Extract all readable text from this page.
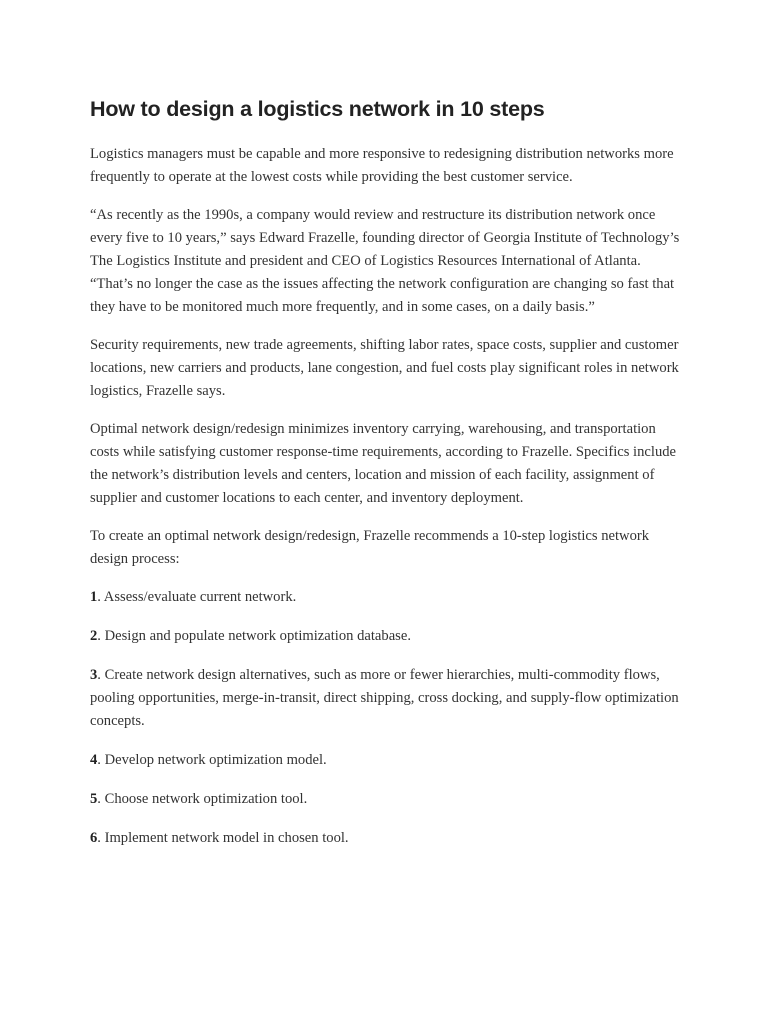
How to design a logistics network in 10 steps

Logistics managers must be capable and more responsive to redesigning distribution networks more frequently to operate at the lowest costs while providing the best customer service.

“As recently as the 1990s, a company would review and restructure its distribution network once every five to 10 years,” says Edward Frazelle, founding director of Georgia Institute of Technology’s The Logistics Institute and president and CEO of Logistics Resources International of Atlanta. “That’s no longer the case as the issues affecting the network configuration are changing so fast that they have to be monitored much more frequently, and in some cases, on a daily basis.”

Security requirements, new trade agreements, shifting labor rates, space costs, supplier and customer locations, new carriers and products, lane congestion, and fuel costs play significant roles in network logistics, Frazelle says.

Optimal network design/redesign minimizes inventory carrying, warehousing, and transportation costs while satisfying customer response-time requirements, according to Frazelle. Specifics include the network’s distribution levels and centers, location and mission of each facility, assignment of supplier and customer locations to each center, and inventory deployment.

To create an optimal network design/redesign, Frazelle recommends a 10-step logistics network design process:

1. Assess/evaluate current network.

2. Design and populate network optimization database.

3. Create network design alternatives, such as more or fewer hierarchies, multi-commodity flows, pooling opportunities, merge-in-transit, direct shipping, cross docking, and supply-flow optimization concepts.

4. Develop network optimization model.

5. Choose network optimization tool.

6. Implement network model in chosen tool.
